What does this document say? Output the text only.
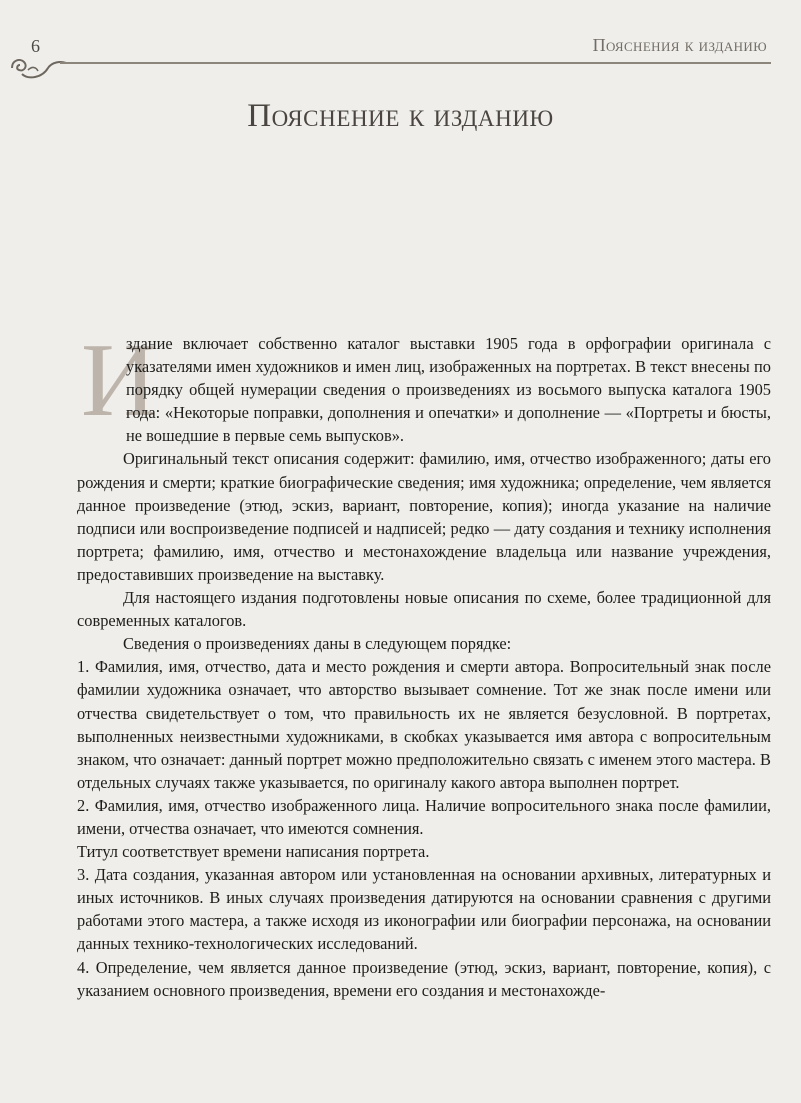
6	Пояснения к изданию
Пояснение к изданию
И

здание включает собственно каталог выставки 1905 года в орфографии оригинала с указателями имен художников и имен лиц, изображенных на портретах. В текст внесены по порядку общей нумерации сведения о произведениях из восьмого выпуска каталога 1905 года: «Некоторые поправки, дополнения и опечатки» и дополнение — «Портреты и бюсты, не вошедшие в первые семь выпусков».

Оригинальный текст описания содержит: фамилию, имя, отчество изображенного; даты его рождения и смерти; краткие биографические сведения; имя художника; определение, чем является данное произведение (этюд, эскиз, вариант, повторение, копия); иногда указание на наличие подписи или воспроизведение подписей и надписей; редко — дату создания и технику исполнения портрета; фамилию, имя, отчество и местонахождение владельца или название учреждения, предоставивших произведение на выставку.

Для настоящего издания подготовлены новые описания по схеме, более традиционной для современных каталогов.

Сведения о произведениях даны в следующем порядке:

1. Фамилия, имя, отчество, дата и место рождения и смерти автора. Вопросительный знак после фамилии художника означает, что авторство вызывает сомнение. Тот же знак после имени или отчества свидетельствует о том, что правильность их не является безусловной. В портретах, выполненных неизвестными художниками, в скобках указывается имя автора с вопросительным знаком, что означает: данный портрет можно предположительно связать с именем этого мастера. В отдельных случаях также указывается, по оригиналу какого автора выполнен портрет.

2. Фамилия, имя, отчество изображенного лица. Наличие вопросительного знака после фамилии, имени, отчества означает, что имеются сомнения.

Титул соответствует времени написания портрета.

3. Дата создания, указанная автором или установленная на основании архивных, литературных и иных источников. В иных случаях произведения датируются на основании сравнения с другими работами этого мастера, а также исходя из иконографии или биографии персонажа, на основании данных технико-технологических исследований.

4. Определение, чем является данное произведение (этюд, эскиз, вариант, повторение, копия), с указанием основного произведения, времени его создания и местонахожде-
